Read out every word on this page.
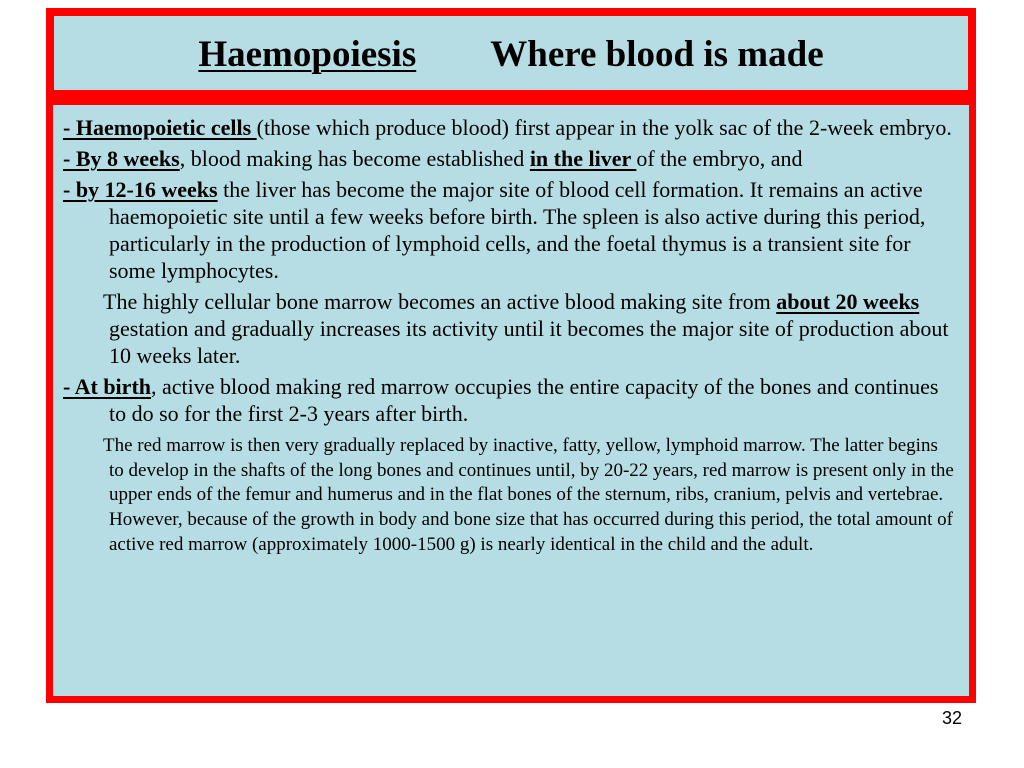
Haemopoiesis Where blood is made

- Haemopoietic cells (those which produce blood) first appear in the yolk sac of the 2-week embryo.

- By 8 weeks, blood making has become established in the liver of the embryo, and

- by 12-16 weeks the liver has become the major site of blood cell formation. It remains an active haemopoietic site until a few weeks before birth. The spleen is also active during this period, particularly in the production of lymphoid cells, and the foetal thymus is a transient site for some lymphocytes.

The highly cellular bone marrow becomes an active blood making site from about 20 weeks gestation and gradually increases its activity until it becomes the major site of production about 10 weeks later.

- At birth, active blood making red marrow occupies the entire capacity of the bones and continues to do so for the first 2-3 years after birth.

The red marrow is then very gradually replaced by inactive, fatty, yellow, lymphoid marrow. The latter begins to develop in the shafts of the long bones and continues until, by 20-22 years, red marrow is present only in the upper ends of the femur and humerus and in the flat bones of the sternum, ribs, cranium, pelvis and vertebrae. However, because of the growth in body and bone size that has occurred during this period, the total amount of active red marrow (approximately 1000-1500 g) is nearly identical in the child and the adult.

32
